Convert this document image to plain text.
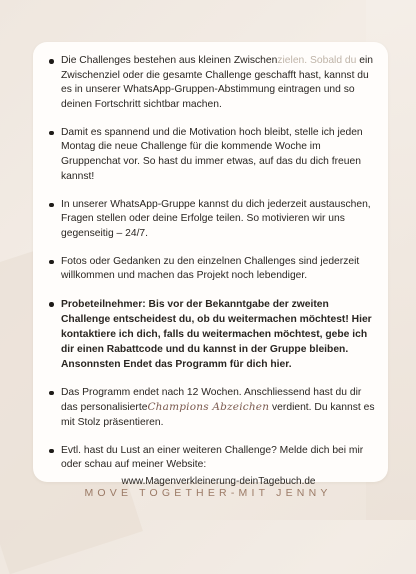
Die Challenges bestehen aus kleinen Zwischenzielen. Sobald du ein Zwischenziel oder die gesamte Challenge geschafft hast, kannst du es in unserer WhatsApp-Gruppen-Abstimmung eintragen und so deinen Fortschritt sichtbar machen.
Damit es spannend und die Motivation hoch bleibt, stelle ich jeden Montag die neue Challenge für die kommende Woche im Gruppenchat vor. So hast du immer etwas, auf das du dich freuen kannst!
In unserer WhatsApp-Gruppe kannst du dich jederzeit austauschen, Fragen stellen oder deine Erfolge teilen. So motivieren wir uns gegenseitig – 24/7.
Fotos oder Gedanken zu den einzelnen Challenges sind jederzeit willkommen und machen das Projekt noch lebendiger.
Probeteilnehmer: Bis vor der Bekanntgabe der zweiten Challenge entscheidest du, ob du weitermachen möchtest! Hier kontaktiere ich dich, falls du weitermachen möchtest, gebe ich dir einen Rabattcode und du kannst in der Gruppe bleiben. Ansonnsten Endet das Programm für dich hier.
Das Programm endet nach 12 Wochen. Anschliessend hast du dir das personalisierteChampions Abzeichen verdient. Du kannst es mit Stolz präsentieren.
Evtl. hast du Lust an einer weiteren Challenge? Melde dich bei mir oder schau auf meiner Website:
www.Magenverkleinerung-deinTagebuch.de
MOVE TOGETHER-MIT JENNY
